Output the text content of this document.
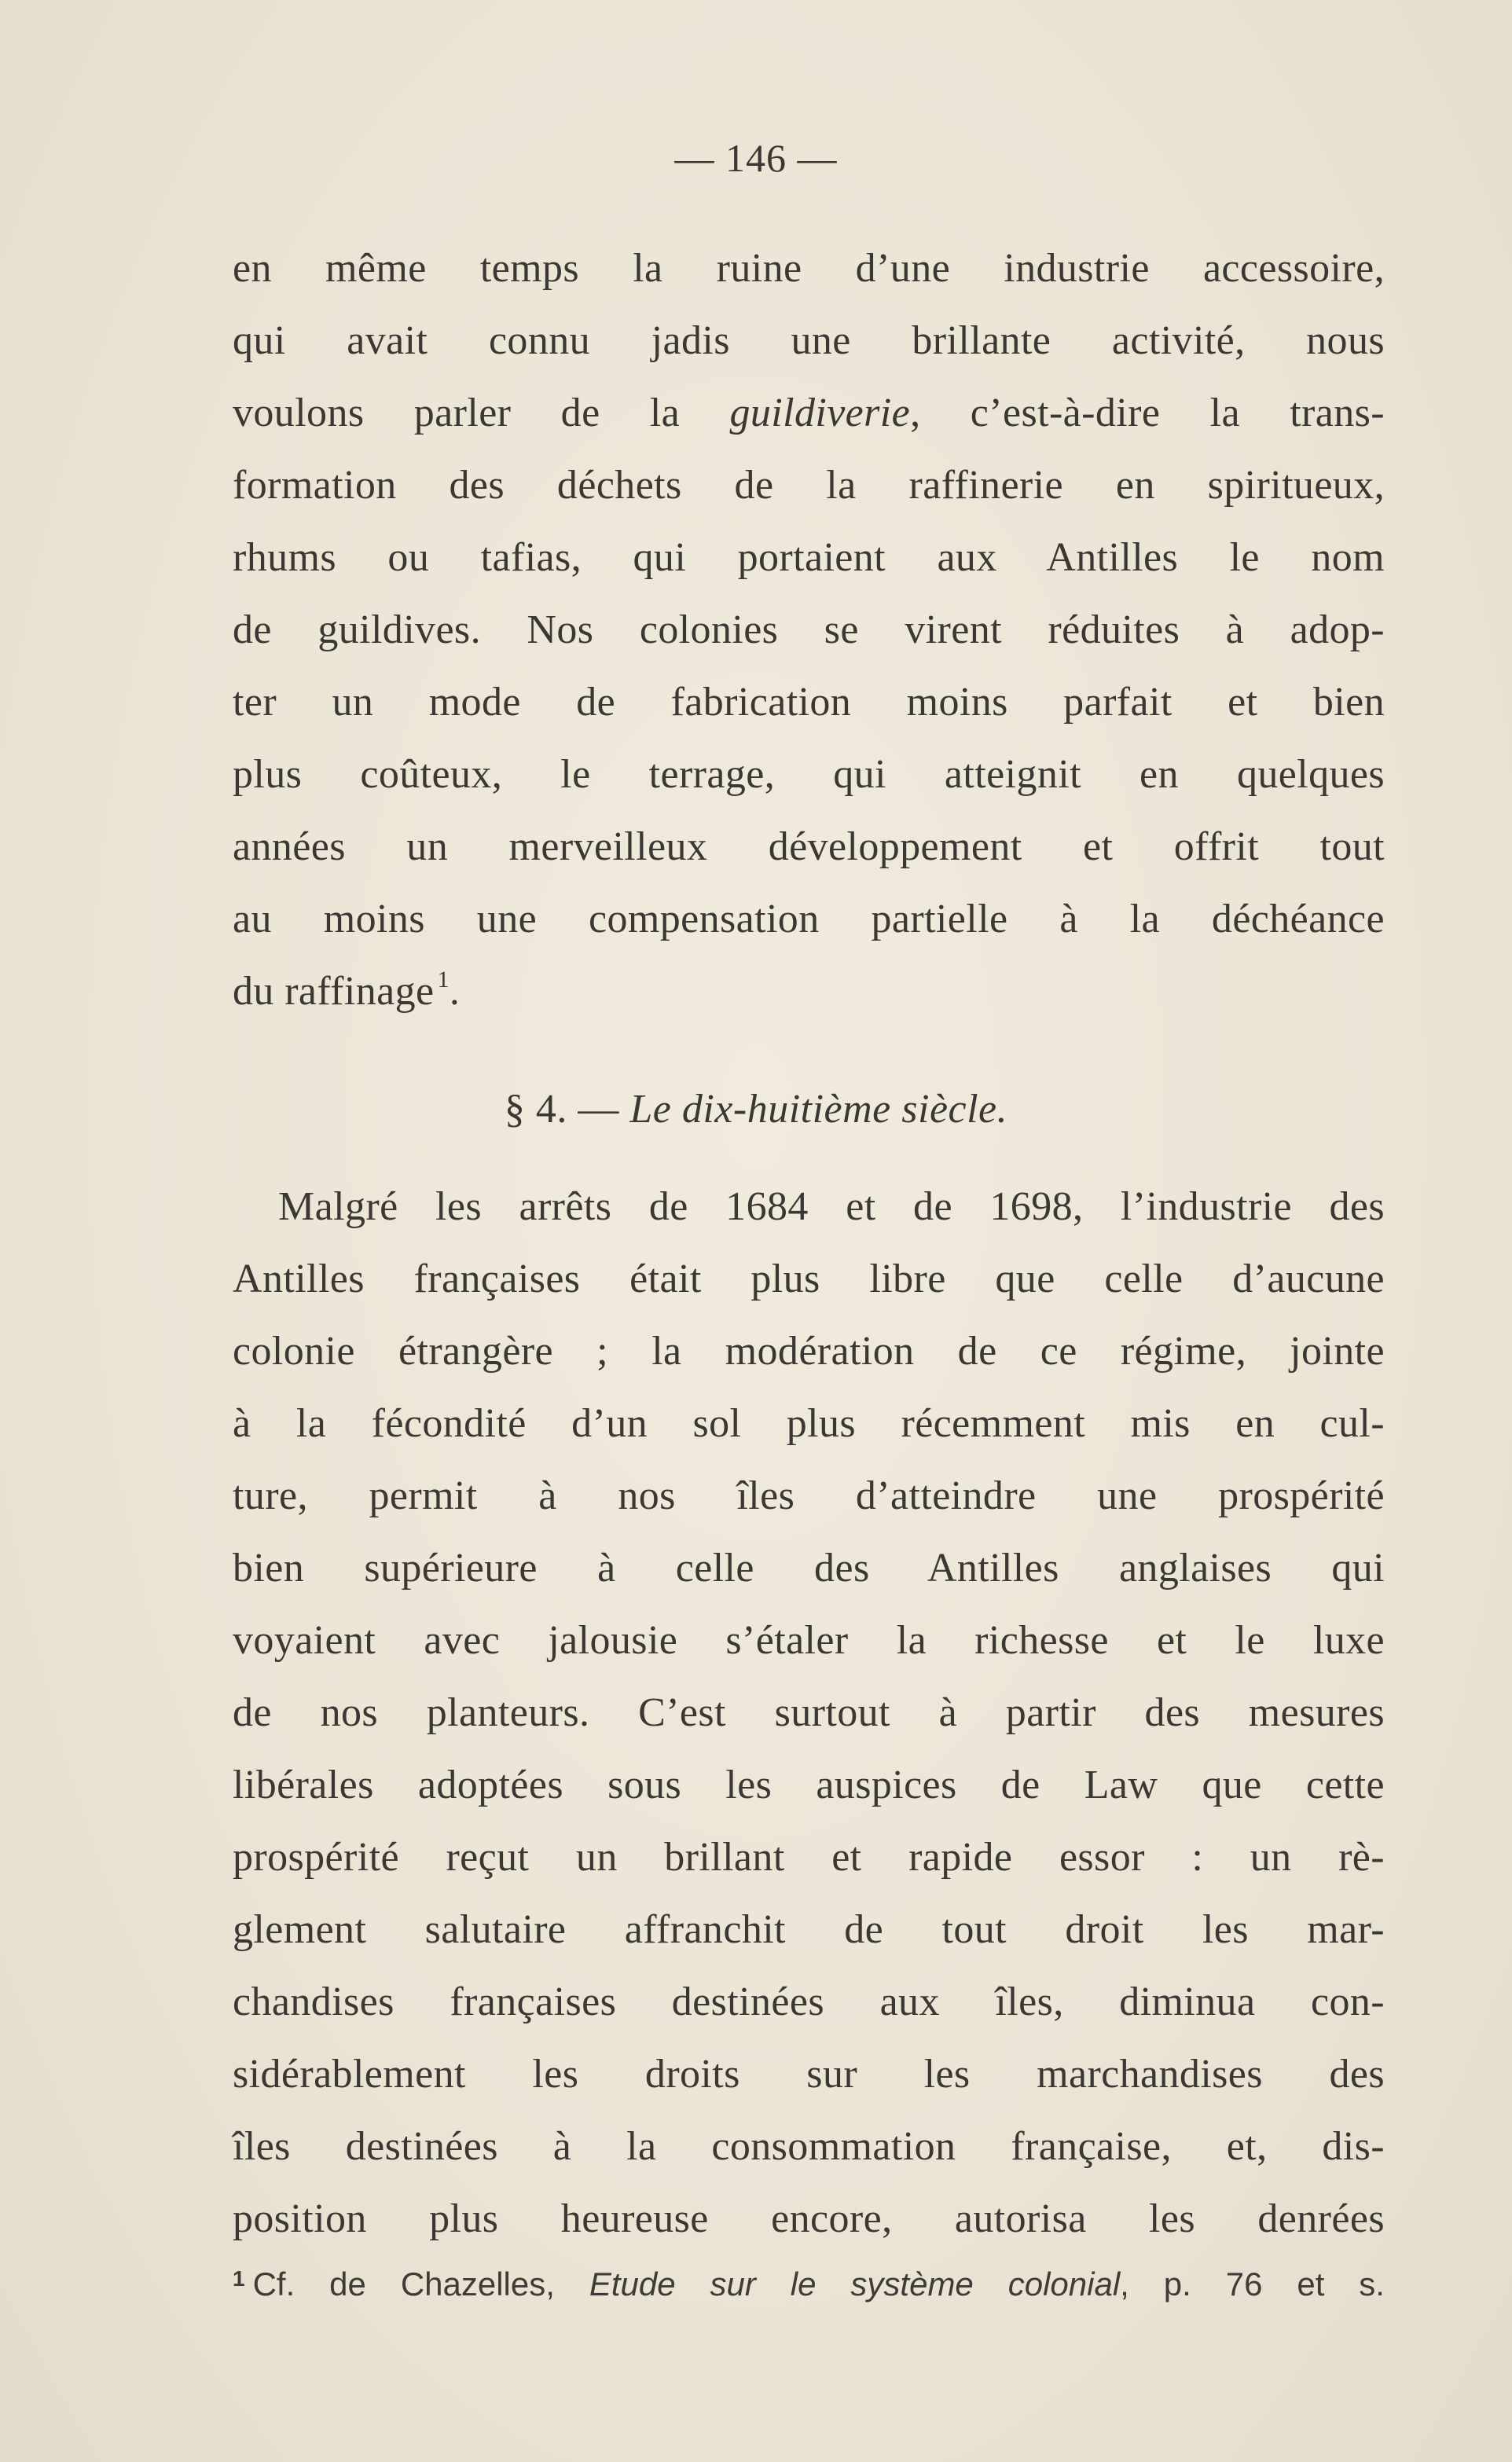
— 146 —
en même temps la ruine d’une industrie accessoire,
qui avait connu jadis une brillante activité, nous
voulons parler de la guildiverie, c’est-à-dire la trans-
formation des déchets de la raffinerie en spiritueux,
rhums ou tafias, qui portaient aux Antilles le nom
de guildives. Nos colonies se virent réduites à adop-
ter un mode de fabrication moins parfait et bien
plus coûteux, le terrage, qui atteignit en quelques
années un merveilleux développement et offrit tout
au moins une compensation partielle à la déchéance
du raffinage $^1$.
§ 4. — Le dix-huitième siècle.
Malgré les arrêts de 1684 et de 1698, l’industrie des
Antilles françaises était plus libre que celle d’aucune
colonie étrangère ; la modération de ce régime, jointe
à la fécondité d’un sol plus récemment mis en cul-
ture, permit à nos îles d’atteindre une prospérité
bien supérieure à celle des Antilles anglaises qui
voyaient avec jalousie s’étaler la richesse et le luxe
de nos planteurs. C’est surtout à partir des mesures
libérales adoptées sous les auspices de Law que cette
prospérité reçut un brillant et rapide essor : un rè-
glement salutaire affranchit de tout droit les mar-
chandises françaises destinées aux îles, diminua con-
sidérablement les droits sur les marchandises des
îles destinées à la consommation française, et, dis-
position plus heureuse encore, autorisa les denrées
$^1$ Cf. de Chazelles, Etude sur le système colonial, p. 76 et s.
